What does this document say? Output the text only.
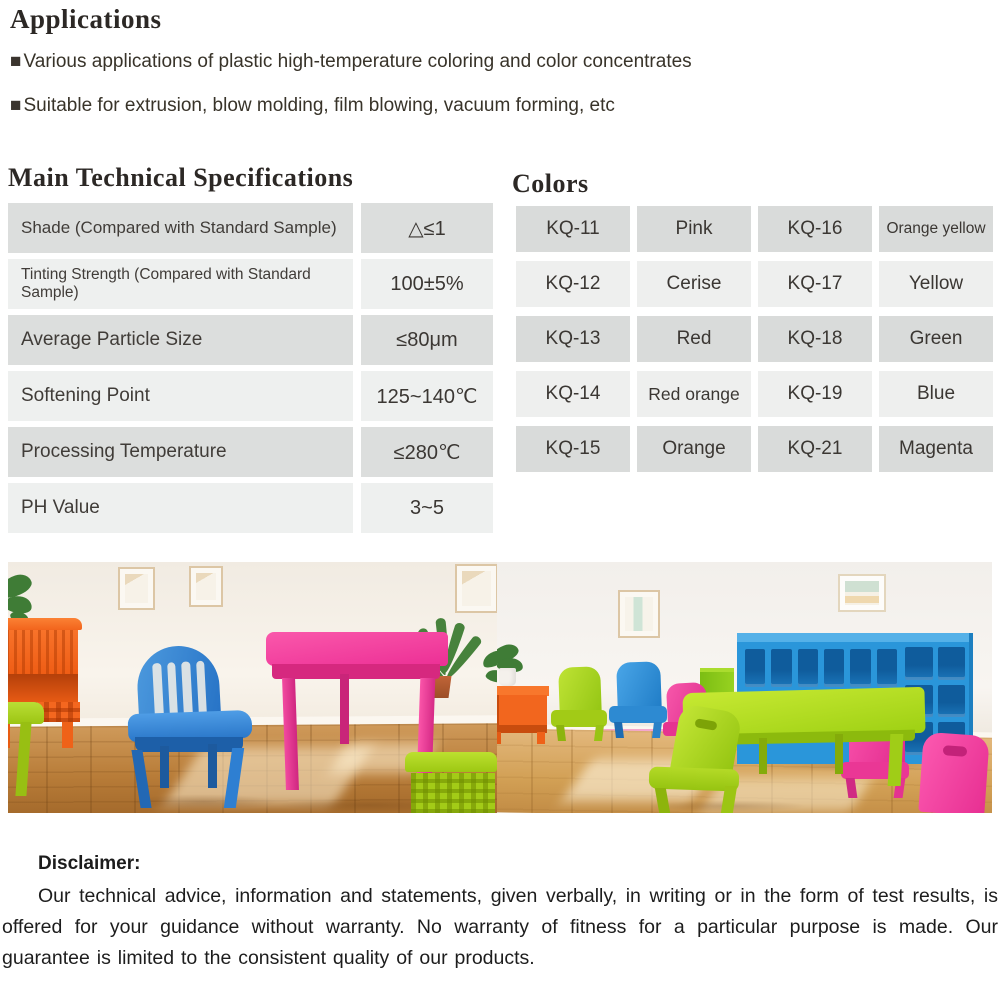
Applications
■ Various applications of plastic high-temperature coloring and color concentrates
■ Suitable for extrusion, blow molding, film blowing, vacuum forming, etc
Main Technical Specifications
Shade (Compared with Standard Sample)	△≤1
Tinting Strength (Compared with Standard Sample)	100±5%
Average Particle Size	≤80μm
Softening Point	125~140℃
Processing Temperature	≤280℃
PH Value	3~5
Colors
KQ-11	Pink	KQ-16	Orange yellow
KQ-12	Cerise	KQ-17	Yellow
KQ-13	Red	KQ-18	Green
KQ-14	Red orange	KQ-19	Blue
KQ-15	Orange	KQ-21	Magenta
Disclaimer:

Our technical advice, information and statements, given verbally, in writing or in the form of test results, is offered for your guidance without warranty. No warranty of fitness for a particular purpose is made. Our guarantee is limited to the consistent quality of our products.
